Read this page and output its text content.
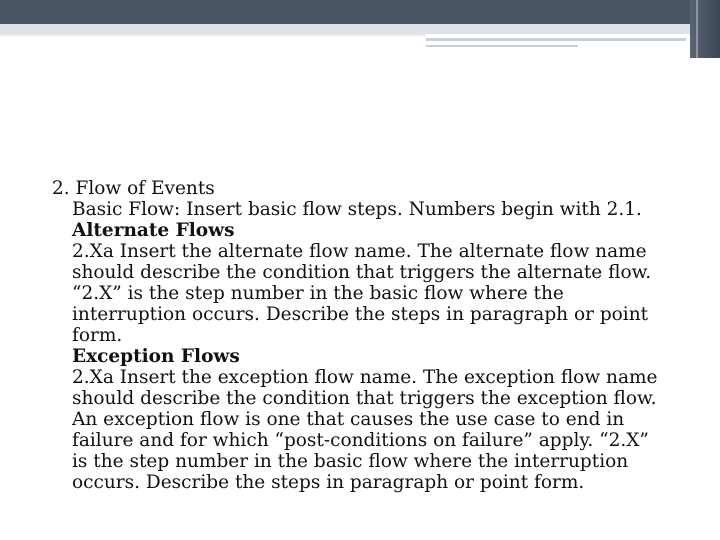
2. Flow of Events

Basic Flow: Insert basic flow steps. Numbers begin with 2.1.
Alternate Flows
2.Xa Insert the alternate flow name. The alternate flow name
should describe the condition that triggers the alternate flow.
“2.X” is the step number in the basic flow where the
interruption occurs. Describe the steps in paragraph or point
form.
Exception Flows
2.Xa Insert the exception flow name. The exception flow name
should describe the condition that triggers the exception flow.
An exception flow is one that causes the use case to end in
failure and for which “post-conditions on failure” apply. “2.X”
is the step number in the basic flow where the interruption
occurs. Describe the steps in paragraph or point form.
